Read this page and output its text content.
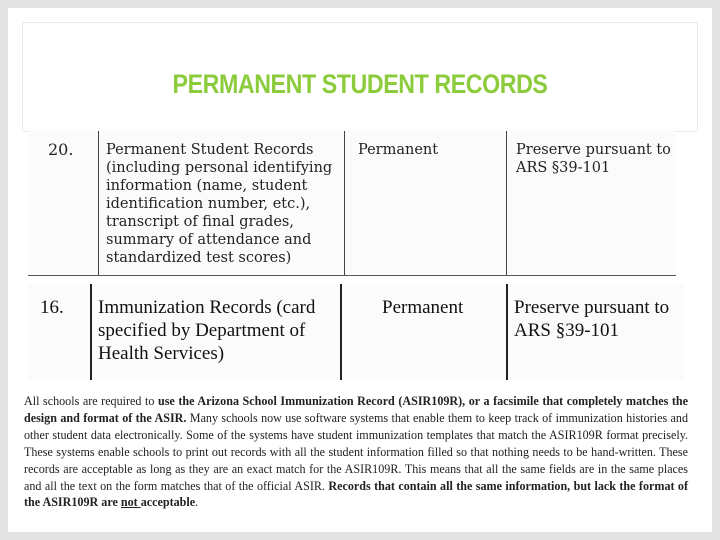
PERMANENT STUDENT RECORDS
20. Permanent Student Records
(including personal identifying
information (name, student
identification number, etc.),
transcript of final grades,
summary of attendance and
standardized test scores)
Permanent	Preserve pursuant to
ARS §39-101
16. Immunization Records (card
specified by Department of
Health Services)
Permanent	Preserve pursuant to
ARS §39-101
All schools are required to use the Arizona School Immunization Record (ASIR109R), or a facsimile that completely matches the design and format of the ASIR. Many schools now use software systems that enable them to keep track of immunization histories and other student data electronically. Some of the systems have student immunization templates that match the ASIR109R format precisely. These systems enable schools to print out records with all the student information filled so that nothing needs to be hand-written. These records are acceptable as long as they are an exact match for the ASIR109R. This means that all the same fields are in the same places and all the text on the form matches that of the official ASIR. Records that contain all the same information, but lack the format of the ASIR109R are not acceptable.
